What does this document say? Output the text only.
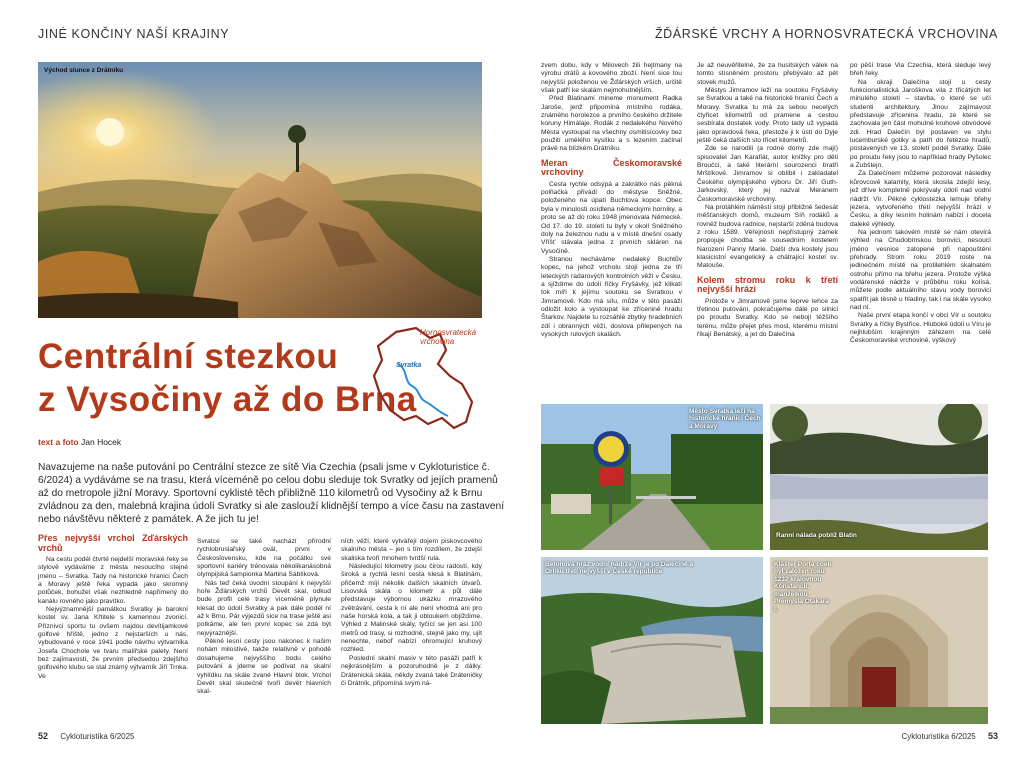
JINÉ KONČINY NAŠÍ KRAJINY	ŽĎÁRSKÉ VRCHY A HORNOSVRATECKÁ VRCHOVINA
Východ slunce z Drátníku
Centrální stezkou
z Vysočiny až do Brna
Hornosvratecká vrchovina
Svratka
text a foto Jan Hocek
Navazujeme na naše putování po Centrální stezce ze sítě Via Czechia (psali jsme v Cykloturistice č. 6/2024) a vydáváme se na trasu, která víceméně po celou dobu sleduje tok Svratky od jejích pramenů až do metropole jižní Moravy. Sportovní cyklisté těch přibližně 110 kilometrů od Vysočiny až k Brnu zvládnou za den, malebná krajina údolí Svratky si ale zaslouží klidnější tempo a více času na zastavení nebo návštěvu některé z památek. A že jich tu je!
Přes nejvyšší vrchol Žďárských vrchů

Na cestu podél čtvrté nejdelší moravské řeky se stylově vydáváme z města nesoucího stejné jméno – Svratka. Tady na historické hranici Čech a Moravy ještě řeka vypadá jako skromný potůček, bohužel však nezhledně napřímený do kanálu rovného jako pravítko.

Nejvýznamnější památkou Svratky je barokní kostel sv. Jana Křtitele s kamennou zvonicí. Příznivci sportu tu ovšem najdou devítijamkové golfové hřiště, jedno z nejstarších u nás, vybudované v roce 1941 podle návrhu výtvarníka Josefa Chochole ve tvaru malířské palety. Není bez zajímavosti, že prvním předsedou zdejšího golfového klubu se stal známý výtvarník Jiří Trnka. Ve

Svratce se také nachází přírodní rychlobruslařský ovál, první v Československu, kde na počátku své sportovní kariéry trénovala několikanásobná olympijská šampionka Martina Sáblíková.

Nás teď čeká úvodní stoupání k nejvyšší hoře Žďárských vrchů Devět skal, odkud bude profil celé trasy víceméně plynule klesat do údolí Svratky a pak dále podél ní až k Brnu. Pár výjezdů sice na trase ještě asi potkáme, ale ten první kopec se zdá být nejvýraznější.

Pěkné lesní cesty jsou nakonec k našim nohám milostivé, takže relativně v pohodě dosahujeme nejvyššího bodu celého putování a jdeme se podívat na skalní vyhlídku na skále zvané Hlavní blok. Vrchol Devět skal skutečně tvoří devět hlavních skal-

ních věží, které vytvářejí dojem pískovcového skalního města – jen s tím rozdílem, že zdejší skaliska tvoří mnohem tvrdší rula.

Následující kilometry jsou čirou radostí, kdy široká a rychlá lesní cesta klesá k Blatinám, přičemž míjí několik dalších skalních útvarů. Lisovská skála o kilometr a půl dále představuje výbornou ukázku mrazového zvětrávání, cesta k ní ale není vhodná ani pro naše horská kola, a tak ji obloukem objíždíme. Výhled z Malinské skály, tyčící se jen asi 100 metrů od trasy, si rozhodně, stejně jako my, ujít nenechte, nebof nabízí ohromující kruhový rozhled.

Poslední skalní masiv v této pasáži patří k nejkrásnějším a pozoruhodně je z dálky. Drátenická skála, někdy zvaná také Dráteničky či Drátník, připomíná svým ná-

zvem dobu, kdy v Milovech žili hejtmany na výrobu drátů a kovového zboží. Není sice tou nejvyšší položenou ve Žďárských vrších, určitě však patří ke skalám nejmohutnějším.

Před Blatinami mineme monument Radka Jaroše, jenž připomíná místního rodáka, známého horolezce a prvního českého držitele koruny Himálaje. Rodák z nedalekého Nového Města vystoupal na všechny osmitisícovky bez použití umělého kyslíku a s lezením začínal právě na blízkém Drátníku.

Meran Českomoravské vrchoviny

Cesta rychle odsýpá a zakrátko nás pěkná polňačka přivádí do městyse Sněžné, položeného na úpatí Buchtova kopce. Obec byla v minulosti osídlena německými horníky, a proto se až do roku 1948 jmenovala Německé. Od 17. do 19. století tu byly v okolí Sněžného doly na železnou rudu a v místě dnešní osady Vříšť stávala jedna z prvních skláren na Vysočině.

Stranou necháváme nedaleký Buchtův kopec, na jehož vrcholu stojí jedna ze tří leteckých radarových kontrolních věží v Česku, a sjíždíme do údolí říčky Fryšávky, jež klikatí tok míří k jejímu soutoku se Svratkou v Jimramově. Kdo má sílu, může v této pasáži odložit kolo a vystoupat ke zřícenině hradu Štarkov. Najdete tu rozsáhlé zbytky hradebních zdí i obranných věží, doslova přilepených na vysokých rulových skalách.

Je až neuvěřitelné, že za husitských válek na tomto stísněném prostoru přebývalo až pět stovek mužů.

Městys Jimramov leží na soutoku Fryšávky se Svratkou a také na historické hranici Čech a Moravy. Svratka tu má za sebou necelých čtyřicet kilometrů od pramene a cestou sesbírala dostatek vody. Proto tady už vypadá jako opravdová řeka, přestože ji k ústí do Dyje ještě čeká dalších sto třicet kilometrů.

Zde se narodili (a rodné domy zde mají) spisovatel Jan Karafiát, autor knížky pro děti Broučci, a také literární sourozenci bratři Mrštíkové. Jimramov si oblíbil i zakladatel Českého olympijského výboru Dr. Jiří Guth-Jarkovský, který jej nazval Meranem Českomoravské vrchoviny.

Na protáhlém náměstí stojí přibližně šedesát měšťanských domů, muzeum Síň rodáků a rovněž budova radnice, nejstarší zděná budova z roku 1589. Věřejnosti nepřístupný zámek propojuje chodba se sousedním kostelem Narození Panny Marie. Další dva kostely jsou klasicistní evangelický a chátrající kostel sv. Matouše.

Kolem stromu roku k třetí nejvyšší hrázi

Protože v Jimramově jsme teprve lehce za třetinou putování, pokračujeme dále po silnici po proudu Svratky. Kdo se nebojí těžšího terénu, může přejet přes most, kterému místní říkají Benátský, a jet do Dalečína

po pěší trase Via Czechia, která sleduje levý břeh řeky.

Na okraji Dalečína stojí u cesty funkcionalistická Jaroškova vila z třicátých let minulého století – stavba, o které se učí studenti architektury. Jinou zajímavost představuje zřícenina hradu, ze které se zachovala jen část mohutné kruhové obvodové zdi. Hrad Dalečín byl postaven ve stylu lucemburské gotiky a patří do řetězce hradů, postavených ve 13. století podél Svratky. Dále po proudu řeky jsou to například hrady Pyšolec a Zubštejn.

Za Dalečínem můžeme pozorovat následky kůrovcové kalamity, která skosila zdejší lesy, jež dříve kompletně pokrývaly údolí nad vodní nádrží Vír. Pěkné cyklostezka lemuje břehy jezera, vytvořeného třetí nejvyšší hrází v Česku, a díky lesním holinám nabízí i docela daleké výhledy.

Na jednom takovém místě se nám otevírá výhled na Chudobínskou borovici, nesoucí jméno vesnice zatopené při napouštění přehrady. Strom roku 2019 roste na jedinečném místě na protilehlém skalnatém ostrohu přímo na břehu jezera. Protože výška vodárenské nádrže v průběhu roku kolísá, můžete podle aktuálního stavu vody borovici spatřit jak těsně u hladiny, tak i na skále vysoko nad ní.

Naše první etapa končí v obci Vír u soutoku Svratky a říčky Bystřice. Hluboké údolí u Víru je nejhlubším krajinným zářezem na celé Českomoravské vrchovině, výškový

Město Svratka leží na historické hranici Čech a Moravy
Ranní nálada poblíž Blatin
Betonová hráz vodní nádrže Vír je po Dalečíně a Orlíku třetí nejvyšší v České republice
Klášter Porta coeli byl založen roku 1232 královnou Konstancií, manželkou Přemysla Otakara I.
52 Cykloturistika 6/2025	Cykloturistika 6/2025 53
